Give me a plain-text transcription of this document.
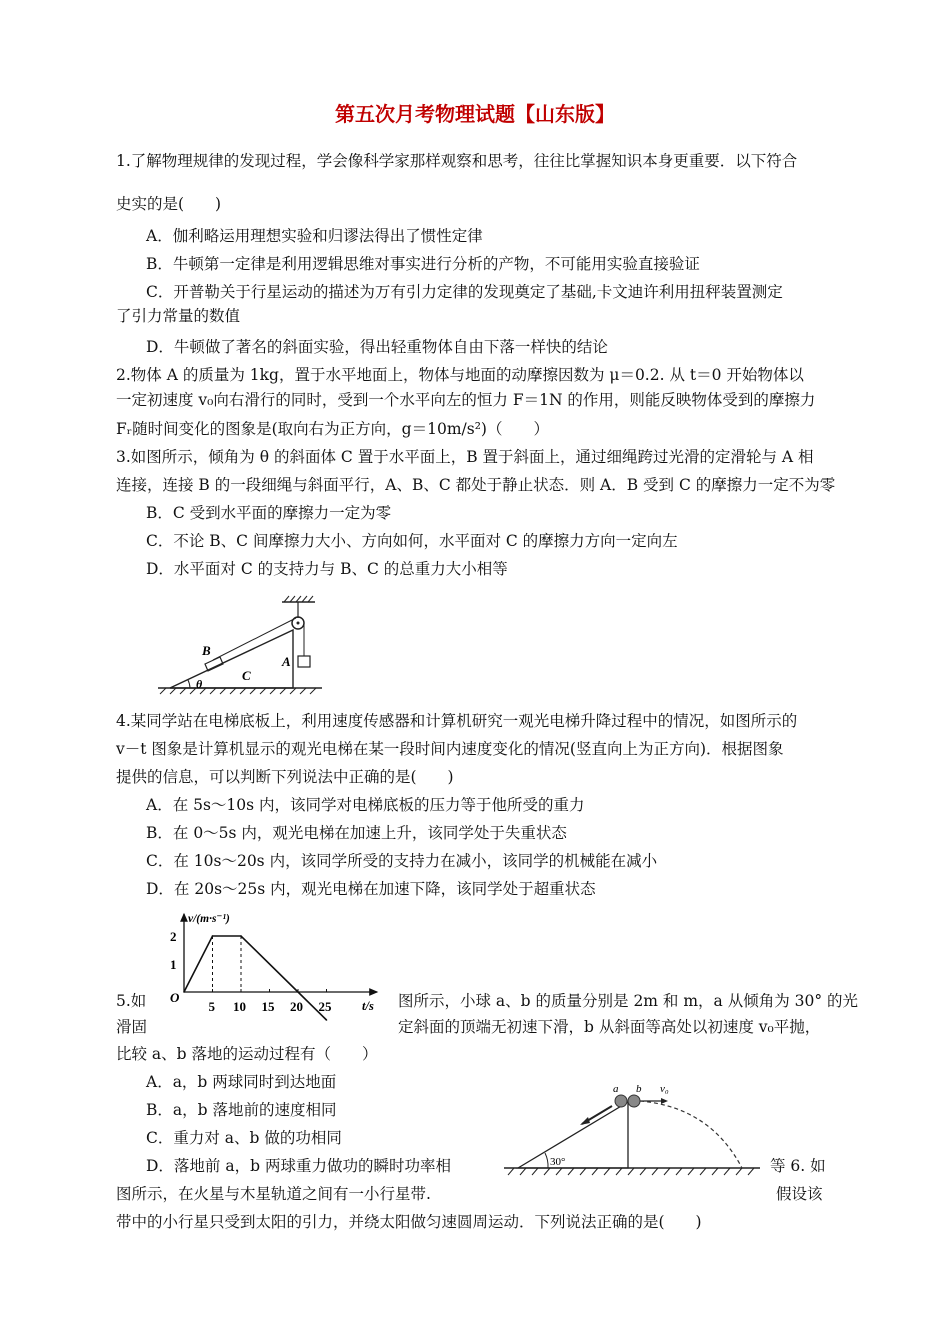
第五次月考物理试题【山东版】
1.了解物理规律的发现过程，学会像科学家那样观察和思考，往往比掌握知识本身更重要．以下符合
史实的是(　　)
A．伽利略运用理想实验和归谬法得出了惯性定律
B．牛顿第一定律是利用逻辑思维对事实进行分析的产物，不可能用实验直接验证
C．开普勒关于行星运动的描述为万有引力定律的发现奠定了基础,卡文迪许利用扭秤装置测定
了引力常量的数值
D．牛顿做了著名的斜面实验，得出轻重物体自由下落一样快的结论
2.物体 A 的质量为 1kg，置于水平地面上，物体与地面的动摩擦因数为 μ＝0.2. 从 t＝0 开始物体以
一定初速度 v₀向右滑行的同时，受到一个水平向左的恒力 F＝1N 的作用，则能反映物体受到的摩擦力
Fᵣ随时间变化的图象是(取向右为正方向，g＝10m/s²)（　　）
3.如图所示，倾角为 θ 的斜面体 C 置于水平面上，B 置于斜面上，通过细绳跨过光滑的定滑轮与 A 相
连接，连接 B 的一段细绳与斜面平行，A、B、C 都处于静止状态．则 A．B 受到 C 的摩擦力一定不为零
B．C 受到水平面的摩擦力一定为零
C．不论 B、C 间摩擦力大小、方向如何，水平面对 C 的摩擦力方向一定向左
D．水平面对 C 的支持力与 B、C 的总重力大小相等
B
C
A
θ
4.某同学站在电梯底板上，利用速度传感器和计算机研究一观光电梯升降过程中的情况，如图所示的
v－t 图象是计算机显示的观光电梯在某一段时间内速度变化的情况(竖直向上为正方向)．根据图象
提供的信息，可以判断下列说法中正确的是(　　)
A．在 5s～10s 内，该同学对电梯底板的压力等于他所受的重力
B．在 0～5s 内，观光电梯在加速上升，该同学处于失重状态
C．在 10s～20s 内，该同学所受的支持力在减小，该同学的机械能在减小
D．在 20s～25s 内，观光电梯在加速下降，该同学处于超重状态
v/(m·s⁻¹)
t/s
O
5 10 15 20 25
1
2
5.如	图所示，小球 a、b 的质量分别是 2m 和 m，a 从倾角为 30° 的光
滑固	定斜面的顶端无初速下滑，b 从斜面等高处以初速度 v₀平抛，
比较 a、b 落地的运动过程有（　　）
A．a，b 两球同时到达地面
B．a，b 落地前的速度相同
C．重力对 a、b 做的功相同
D．落地前 a，b 两球重力做功的瞬时功率相	等 6. 如
a b v₀
30°
图所示，在火星与木星轨道之间有一小行星带.	假设该
带中的小行星只受到太阳的引力，并绕太阳做匀速圆周运动．下列说法正确的是(　　)
